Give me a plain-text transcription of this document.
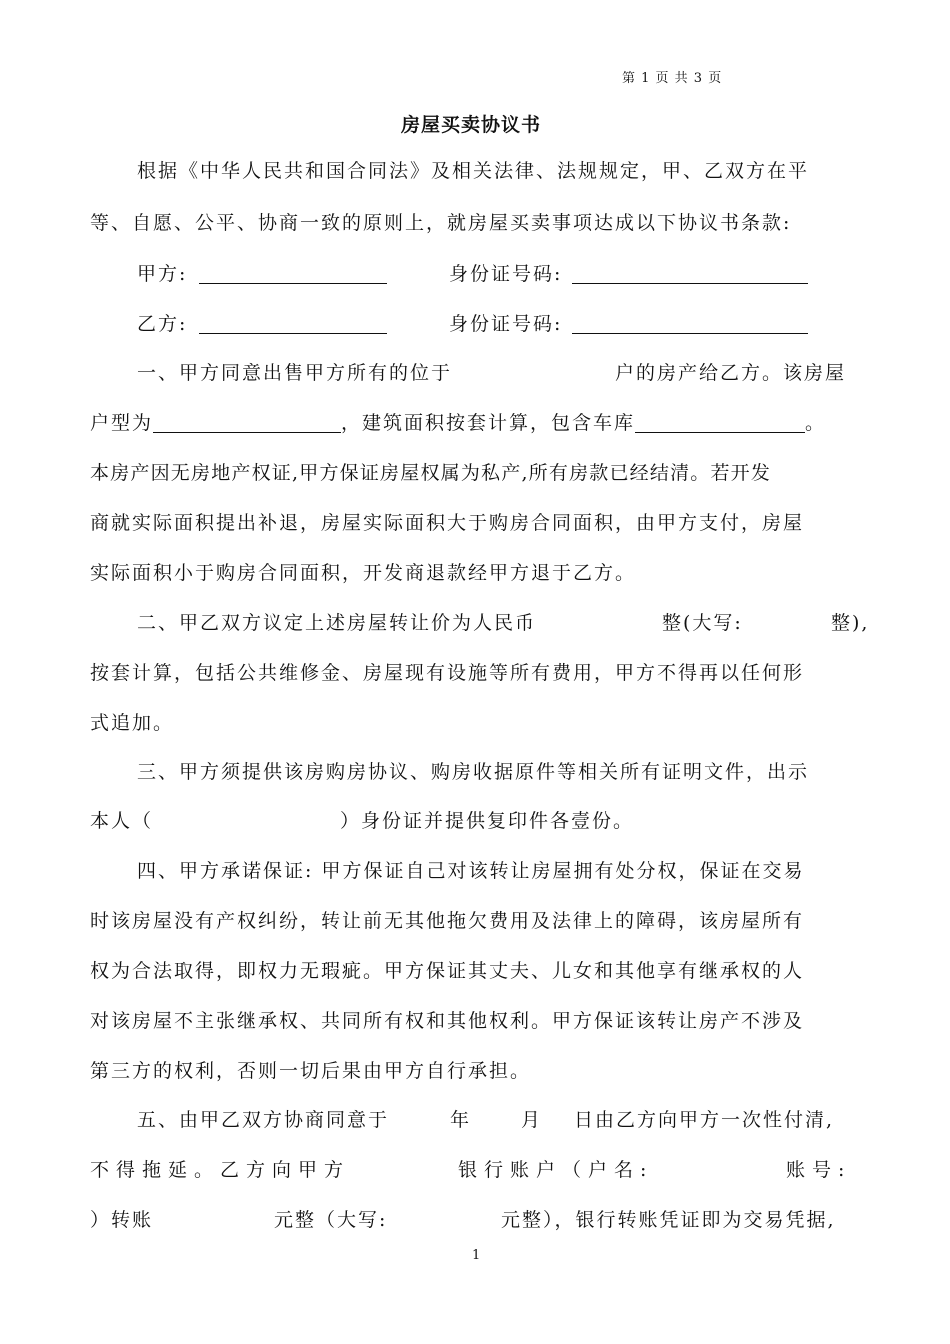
第 1 页 共 3 页
房屋买卖协议书
根据《中华人民共和国合同法》及相关法律、法规规定，甲、乙双方在平
等、自愿、公平、协商一致的原则上，就房屋买卖事项达成以下协议书条款:
甲方:	身份证号码:
乙方:	身份证号码:
一、甲方同意出售甲方所有的位于	户的房产给乙方。该房屋
户型为	，建筑面积按套计算，包含车库	。
本房产因无房地产权证,甲方保证房屋权属为私产,所有房款已经结清。若开发
商就实际面积提出补退，房屋实际面积大于购房合同面积，由甲方支付，房屋
实际面积小于购房合同面积，开发商退款经甲方退于乙方。
二、甲乙双方议定上述房屋转让价为人民币	整(大写:	整),
按套计算，包括公共维修金、房屋现有设施等所有费用，甲方不得再以任何形
式追加。
三、甲方须提供该房购房协议、购房收据原件等相关所有证明文件，出示
本人（	）身份证并提供复印件各壹份。
四、甲方承诺保证: 甲方保证自己对该转让房屋拥有处分权，保证在交易
时该房屋没有产权纠纷，转让前无其他拖欠费用及法律上的障碍，该房屋所有
权为合法取得，即权力无瑕疵。甲方保证其丈夫、儿女和其他享有继承权的人
对该房屋不主张继承权、共同所有权和其他权利。甲方保证该转让房产不涉及
第三方的权利，否则一切后果由甲方自行承担。
五、由甲乙双方协商同意于	年	月 日由乙方向甲方一次性付清,
不得拖延。乙方向甲方	银行账户（户名:	账号:
）转账	元整（大写:	元整），银行转账凭证即为交易凭据,
1
